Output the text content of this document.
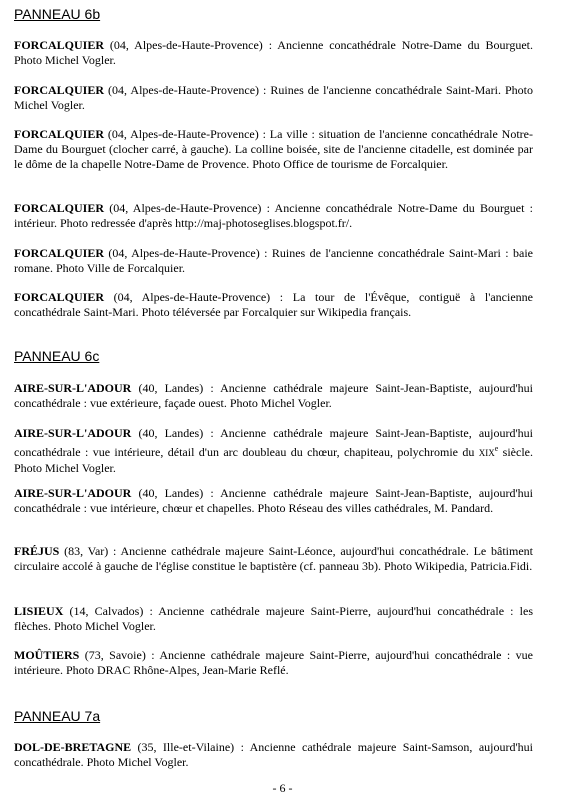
PANNEAU 6b

FORCALQUIER (04, Alpes-de-Haute-Provence) : Ancienne concathédrale Notre-Dame du Bourguet. Photo Michel Vogler.

FORCALQUIER (04, Alpes-de-Haute-Provence) : Ruines de l'ancienne concathédrale Saint-Mari. Photo Michel Vogler.

FORCALQUIER (04, Alpes-de-Haute-Provence) : La ville : situation de l'ancienne concathédrale Notre-Dame du Bourguet (clocher carré, à gauche). La colline boisée, site de l'ancienne citadelle, est dominée par le dôme de la chapelle Notre-Dame de Provence. Photo Office de tourisme de Forcalquier.

FORCALQUIER (04, Alpes-de-Haute-Provence) : Ancienne concathédrale Notre-Dame du Bourguet : intérieur. Photo redressée d'après http://maj-photoseglises.blogspot.fr/.

FORCALQUIER (04, Alpes-de-Haute-Provence) : Ruines de l'ancienne concathédrale Saint-Mari : baie romane. Photo Ville de Forcalquier.

FORCALQUIER (04, Alpes-de-Haute-Provence) : La tour de l'Évêque, contiguë à l'ancienne concathédrale Saint-Mari. Photo téléversée par Forcalquier sur Wikipedia français.

PANNEAU 6c

AIRE-SUR-L'ADOUR (40, Landes) : Ancienne cathédrale majeure Saint-Jean-Baptiste, aujourd'hui concathédrale : vue extérieure, façade ouest. Photo Michel Vogler.

AIRE-SUR-L'ADOUR (40, Landes) : Ancienne cathédrale majeure Saint-Jean-Baptiste, aujourd'hui concathédrale : vue intérieure, détail d'un arc doubleau du chœur, chapiteau, polychromie du XIXe siècle. Photo Michel Vogler.

AIRE-SUR-L'ADOUR (40, Landes) : Ancienne cathédrale majeure Saint-Jean-Baptiste, aujourd'hui concathédrale : vue intérieure, chœur et chapelles. Photo Réseau des villes cathédrales, M. Pandard.

FRÉJUS (83, Var) : Ancienne cathédrale majeure Saint-Léonce, aujourd'hui concathédrale. Le bâtiment circulaire accolé à gauche de l'église constitue le baptistère (cf. panneau 3b). Photo Wikipedia, Patricia.Fidi.

LISIEUX (14, Calvados) : Ancienne cathédrale majeure Saint-Pierre, aujourd'hui concathédrale : les flèches. Photo Michel Vogler.

MOÛTIERS (73, Savoie) : Ancienne cathédrale majeure Saint-Pierre, aujourd'hui concathédrale : vue intérieure. Photo DRAC Rhône-Alpes, Jean-Marie Reflé.

PANNEAU 7a

DOL-DE-BRETAGNE (35, Ille-et-Vilaine) : Ancienne cathédrale majeure Saint-Samson, aujourd'hui concathédrale. Photo Michel Vogler.

- 6 -
